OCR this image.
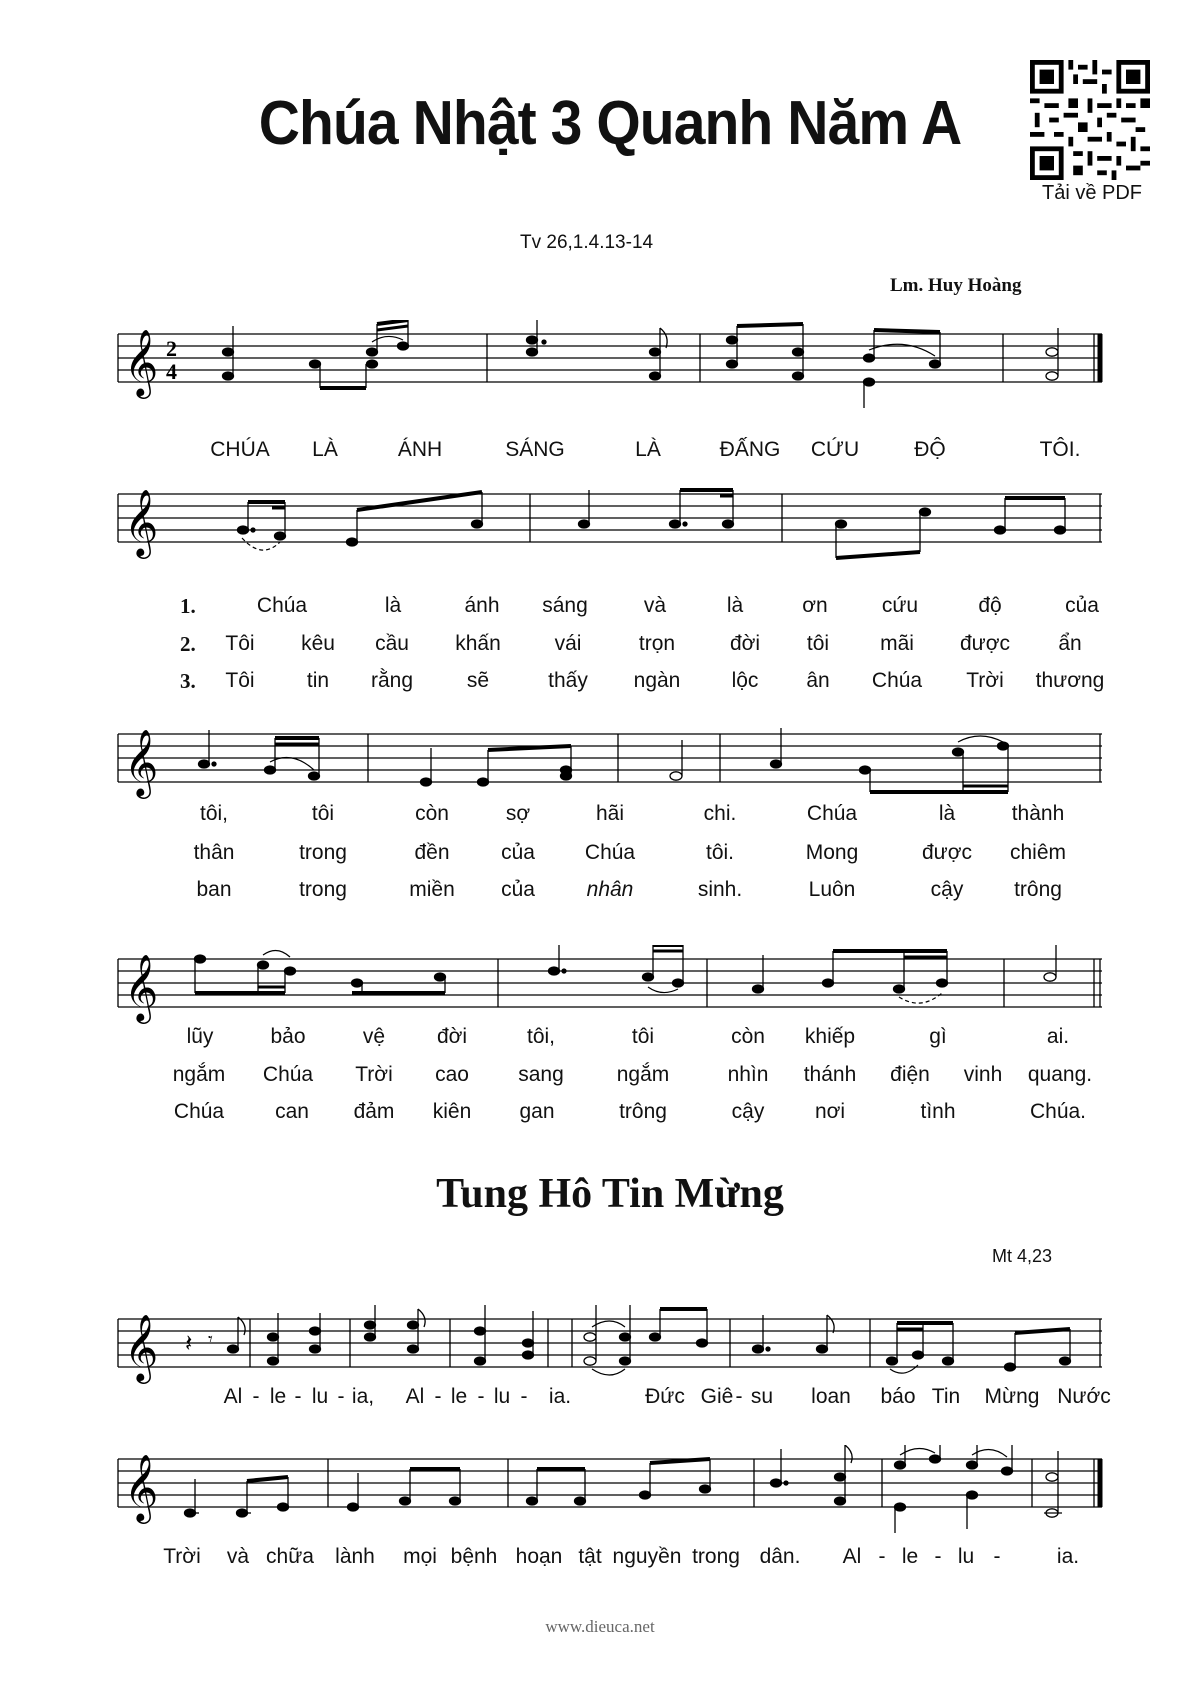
Chúa Nhật 3 Quanh Năm A
Tải về PDF
Tv 26,1.4.13-14
Lm. Huy Hoàng
𝄞 2
4
CHÚA LÀ	ÁNH	SÁNG	LÀ	ĐẤNG CỨU	ĐỘ	TÔI.
𝄞
1.
2.
3.
Chúa	là	ánh sáng	và	là	ơn	cứu	độ	của
Tôi kêu cầu khấn	vái	trọn	đời tôi mãi được ẩn
Tôi tin rằng	sẽ	thấy ngàn lộc ân Chúa Trời thương
𝄞
tôi,	tôi	còn	sợ	hãi	chi.	Chúa	là	thành
thân	trong	đền của Chúa	tôi.	Mong	được chiêm
ban	trong	miền của nhân	sinh.	Luôn	cậy trông
𝄞
lũy	bảo	vệ đời	tôi,	tôi	còn khiếp	gì	ai.
ngắm Chúa Trời cao sang	ngắm	nhìn thánh điện vinh quang.
Chúa can đảm kiên gan	trông	cậy nơi	tình	Chúa.
Tung Hô Tin Mừng
Mt 4,23
𝄞 𝄽 𝄾
Al - le - lu - ia, Al - le - lu - ia.	Đức Giê - su loan báo Tin Mừng Nước
𝄞
Trời và chữa lành mọi bệnh hoạn tật nguyền trong dân. Al - le - lu -	ia.
www.dieuca.net
